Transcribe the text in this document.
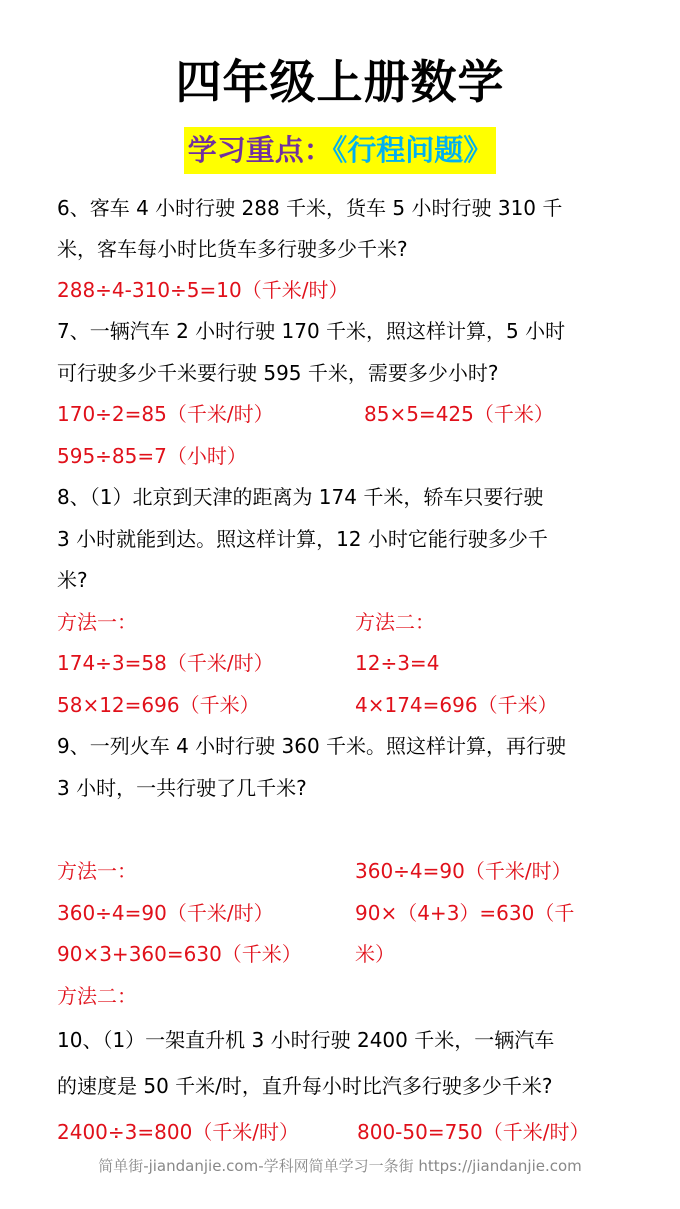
四年级上册数学
学习重点：《行程问题》
6、客车 4 小时行驶 288 千米，货车 5 小时行驶 310 千
米，客车每小时比货车多行驶多少千米?
288÷4-310÷5=10（千米/时）
7、一辆汽车 2 小时行驶 170 千米，照这样计算，5 小时
可行驶多少千米要行驶 595 千米，需要多少小时?
170÷2=85（千米/时）	85×5=425（千米）
595÷85=7（小时）
8、（1）北京到天津的距离为 174 千米，轿车只要行驶
3 小时就能到达。照这样计算，12 小时它能行驶多少千
米?
方法一：	方法二：
174÷3=58（千米/时）	12÷3=4
58×12=696（千米）	4×174=696（千米）
9、一列火车 4 小时行驶 360 千米。照这样计算，再行驶
3 小时，一共行驶了几千米?
方法一：	360÷4=90（千米/时）
360÷4=90（千米/时）	90×（4+3）=630（千
90×3+360=630（千米）	米）
方法二：
10、（1）一架直升机 3 小时行驶 2400 千米，一辆汽车
的速度是 50 千米/时，直升每小时比汽多行驶多少千米?
2400÷3=800（千米/时）	800-50=750（千米/时）
简单街-jiandanjie.com-学科网简单学习一条街 https://jiandanjie.com
